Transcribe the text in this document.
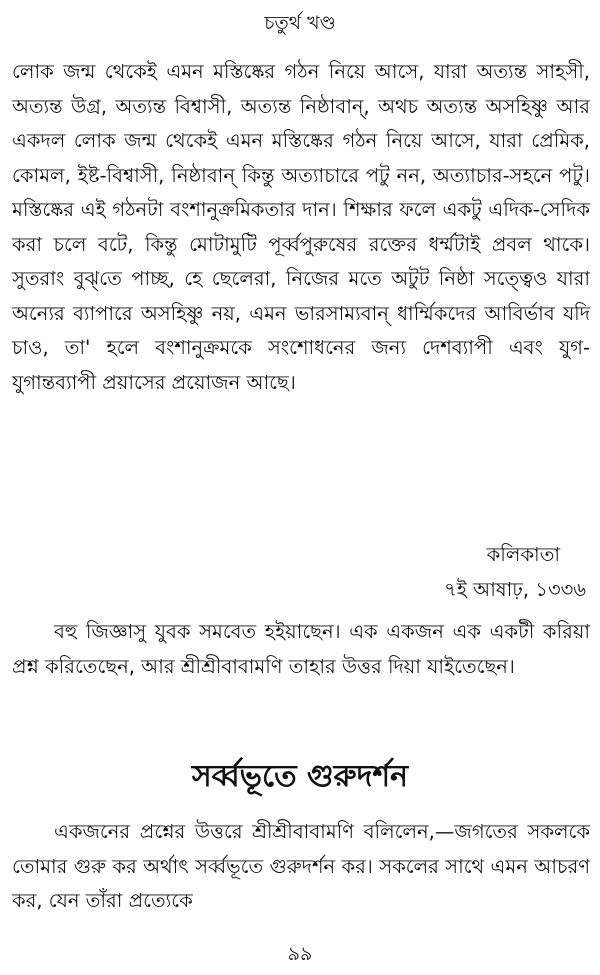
চতুর্থ খণ্ড

লোক জন্ম থেকেই এমন মস্তিষ্কের গঠন নিয়ে আসে, যারা অত্যন্ত সাহসী, অত্যন্ত উগ্র, অত্যন্ত বিশ্বাসী, অত্যন্ত নিষ্ঠাবান্‌, অথচ অত্যন্ত অসহিষ্ণু আর একদল লোক জন্ম থেকেই এমন মস্তিষ্কের গঠন নিয়ে আসে, যারা প্রেমিক, কোমল, ইষ্ট-বিশ্বাসী, নিষ্ঠাবান্‌ কিন্তু অত্যাচারে পটু নন, অত্যাচার-সহনে পটু। মস্তিষ্কের এই গঠনটা বংশানুক্রমিকতার দান। শিক্ষার ফলে একটু এদিক-সেদিক করা চলে বটে, কিন্তু মোটামুটি পূর্ব্বপুরুষের রক্তের ধর্ম্মটাই প্রবল থাকে। সুতরাং বুঝ্‌তে পাচ্ছ, হে ছেলেরা, নিজের মতে অটুট নিষ্ঠা সত্ত্বেও যারা অন্যের ব্যাপারে অসহিষ্ণু নয়, এমন ভারসাম্যবান্‌ ধার্ম্মিকদের আবির্ভাব যদি চাও, তা' হলে বংশানুক্রমকে সংশোধনের জন্য দেশব্যাপী এবং যুগ-যুগান্তব্যাপী প্রয়াসের প্রয়োজন আছে।

কলিকাতা
৭ই আষাঢ়, ১৩৩৬

বহু জিজ্ঞাসু যুবক সমবেত হইয়াছেন। এক একজন এক একটী করিয়া প্রশ্ন করিতেছেন, আর শ্রীশ্রীবাবামণি তাহার উত্তর দিয়া যাইতেছেন।

সর্ব্বভূতে গুরুদর্শন

একজনের প্রশ্নের উত্তরে শ্রীশ্রীবাবামণি বলিলেন,—জগতের সকলকে তোমার গুরু কর অর্থাৎ সর্ব্বভূতে গুরুদর্শন কর। সকলের সাথে এমন আচরণ কর, যেন তাঁরা প্রত্যেকে

৯৯
